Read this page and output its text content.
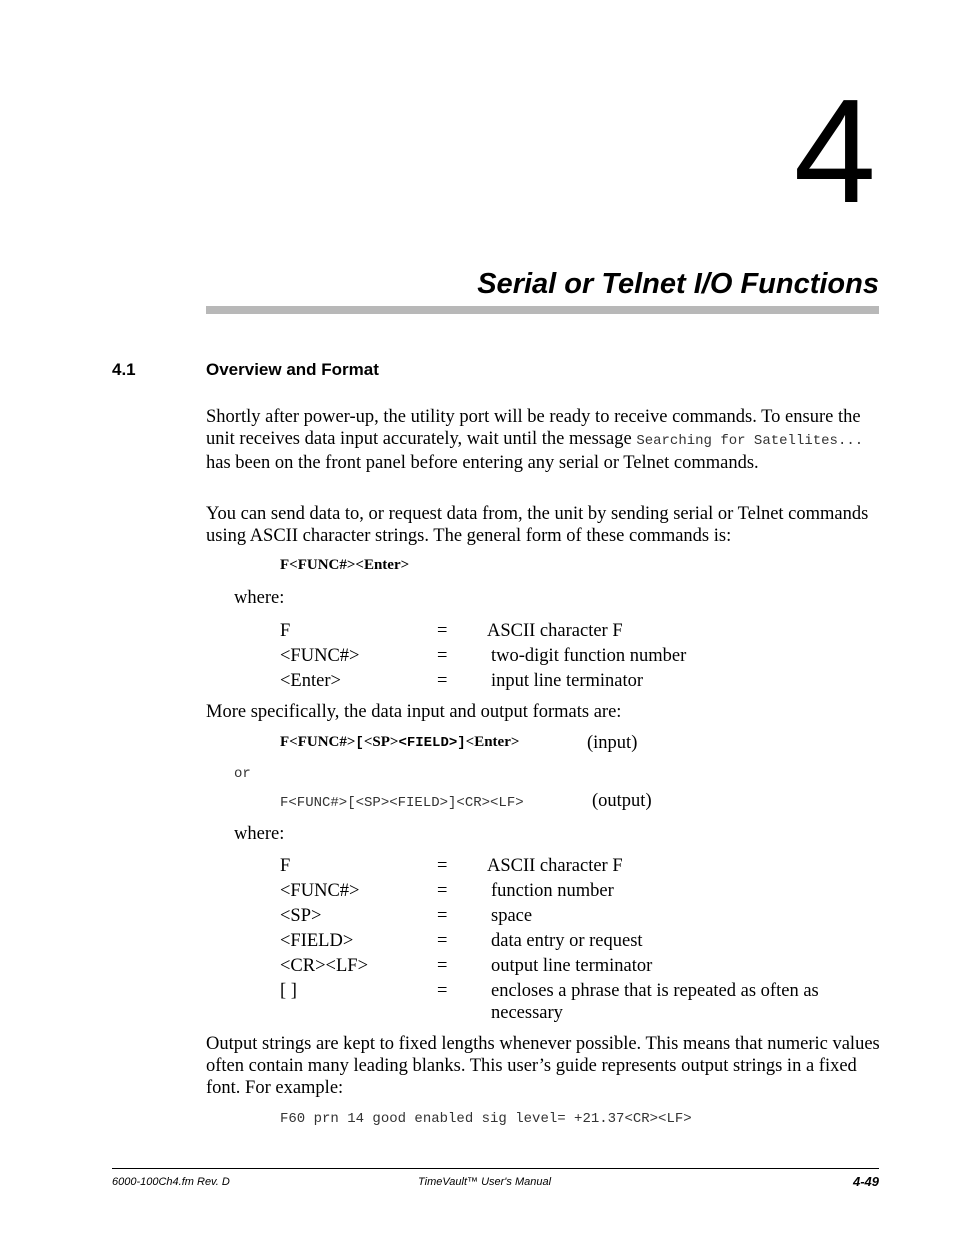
4
Serial or Telnet I/O Functions
4.1	Overview and Format
Shortly after power-up, the utility port will be ready to receive commands. To ensure the unit receives data input accurately, wait until the message Searching for Satellites... has been on the front panel before entering any serial or Telnet commands.
You can send data to, or request data from, the unit by sending serial or Telnet commands using ASCII character strings. The general form of these commands is:
F<FUNC#><Enter>
where:
F	= ASCII character F
<FUNC#>	= two-digit function number
<Enter>	= input line terminator
More specifically, the data input and output formats are:
F<FUNC#>[<SP><FIELD>]<Enter>	(input)
or
F<FUNC#>[<SP><FIELD>]<CR><LF>	(output)
where:
F	= ASCII character F
<FUNC#>	= function number
<SP>	= space
<FIELD>	= data entry or request
<CR><LF>	= output line terminator
[ ]	= encloses a phrase that is repeated as often as
necessary
Output strings are kept to fixed lengths whenever possible. This means that numeric values often contain many leading blanks. This user’s guide represents output strings in a fixed font. For example:
F60 prn 14 good enabled sig level= +21.37<CR><LF>
6000-100Ch4.fm Rev. D	TimeVault™ User's Manual	4-49
